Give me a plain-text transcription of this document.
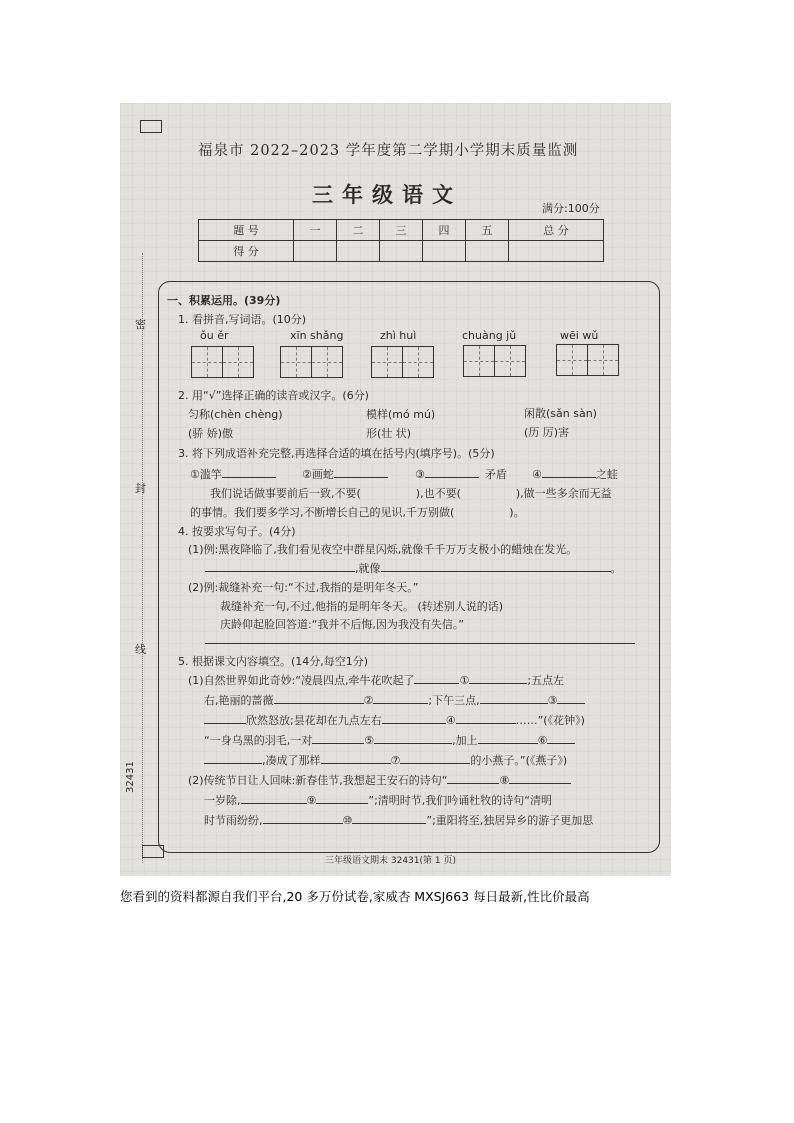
密
封
线
32431
福泉市 2022–2023 学年度第二学期小学期末质量监测
三年级语文
满分:100分
题 号	一	二	三	四	五	总 分
得 分						
一、积累运用。(39分)
1. 看拼音,写词语。(10分)
ǒu ěr	xīn shǎng	zhì huì	chuàng jǔ	wēi wǔ
2. 用“√”选择正确的读音或汉字。(6分)
匀称(chèn chèng)	模样(mó mú)	闲散(sǎn sàn)
(骄 娇)傲	形(壮 状)	(历 厉)害
3. 将下列成语补充完整,再选择合适的填在括号内(填序号)。(5分)
①滥竽	②画蛇	③	矛盾 ④	之蛙
我们说话做事要前后一致,不要(	),也不要(	),做一些多余而无益
的事情。我们要多学习,不断增长自己的见识,千万别做(	)。
4. 按要求写句子。(4分)
(1)例:黑夜降临了,我们看见夜空中群星闪烁,就像千千万万支极小的蜡烛在发光。
,就像	。
(2)例:裁缝补充一句:“不过,我指的是明年冬天。”
裁缝补充一句,不过,他指的是明年冬天。 (转述别人说的话)
庆龄仰起脸回答道:“我并不后悔,因为我没有失信。”
5. 根据课文内容填空。(14分,每空1分)
(1)自然世界如此奇妙:“凌晨四点,牵牛花吹起了	①	;五点左
右,艳丽的蔷薇	②	;下午三点,	③
欣然怒放;昙花却在九点左右	④	……”(《花钟》)
“一身乌黑的羽毛,一对	⑤	,加上	⑥
,凑成了那样	⑦	的小燕子。”(《燕子》)
(2)传统节日让人回味:新春佳节,我想起王安石的诗句“	⑧
一岁除,	⑨	”;清明时节,我们吟诵杜牧的诗句“清明
时节雨纷纷,	⑩	”;重阳将至,独居异乡的游子更加思
三年级语文期末 32431(第 1 页)
您看到的资料都源自我们平台,20 多万份试卷,家威杏 MXSJ663 每日最新,性比价最高
